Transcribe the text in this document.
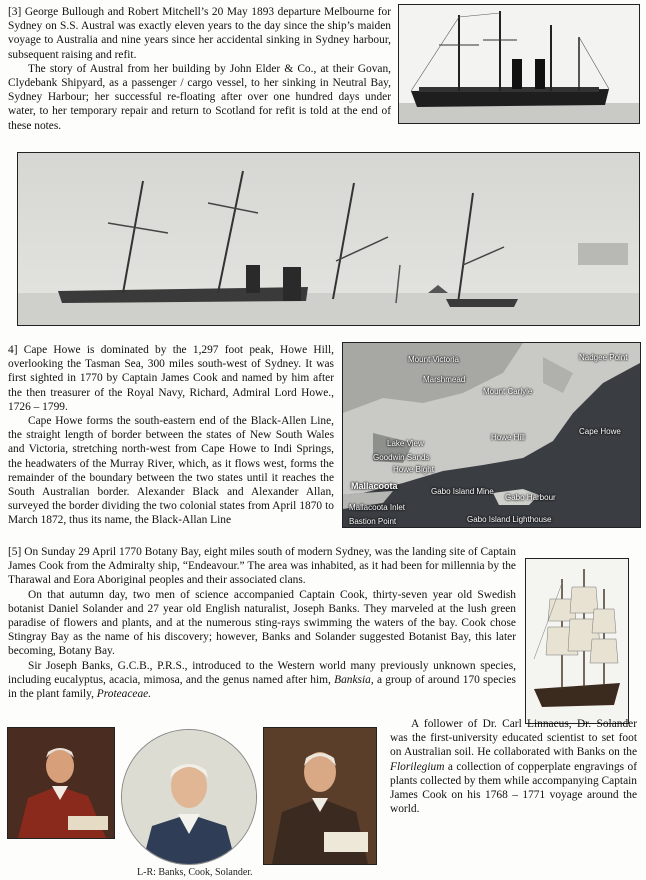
[3] George Bullough and Robert Mitchell’s 20 May 1893 departure Melbourne for Sydney on S.S. Austral was exactly eleven years to the day since the ship’s maiden voyage to Australia and nine years since her accidental sinking in Sydney harbour, subsequent raising and refit.

The story of Austral from her building by John Elder & Co., at their Govan, Clydebank Shipyard, as a passenger / cargo vessel, to her sinking in Neutral Bay, Sydney Harbour; her successful re-floating after over one hundred days under water, to her temporary repair and return to Scotland for refit is told at the end of these notes.

4] Cape Howe is dominated by the 1,297 foot peak, Howe Hill, overlooking the Tasman Sea, 300 miles south-west of Sydney. It was first sighted in 1770 by Captain James Cook and named by him after the then treasurer of the Royal Navy, Richard, Admiral Lord Howe., 1726 – 1799.

Cape Howe forms the south-eastern end of the Black-Allen Line, the straight length of border between the states of New South Wales and Victoria, stretching north-west from Cape Howe to Indi Springs, the headwaters of the Murray River, which, as it flows west, forms the remainder of the boundary between the two states until it reaches the South Australian border. Alexander Black and Alexander Allan, surveyed the border dividing the two colonial states from April 1870 to March 1872, thus its name, the Black-Allan Line

Mount Victoria	Nadgee Point
Marshmead
Mount Carlyle
Cape Howe
Howe Hill
Lake View
Goodwin Sands
Howe Bight
Mallacoota
Gabo Island Mine
Gabo Harbour
Mallacoota Inlet
Bastion Point	Gabo Island Lighthouse

[5] On Sunday 29 April 1770 Botany Bay, eight miles south of modern Sydney, was the landing site of Captain James Cook from the Admiralty ship, “Endeavour.” The area was inhabited, as it had been for millennia by the Tharawal and Eora Aboriginal peoples and their associated clans.

On that autumn day, two men of science accompanied Captain Cook, thirty-seven year old Swedish botanist Daniel Solander and 27 year old English naturalist, Joseph Banks. They marveled at the lush green paradise of flowers and plants, and at the numerous sting-rays swimming the waters of the bay. Cook chose Stingray Bay as the name of his discovery; however, Banks and Solander suggested Botanist Bay, this later becoming, Botany Bay.

Sir Joseph Banks, G.C.B., P.R.S., introduced to the Western world many previously unknown species, including eucalyptus, acacia, mimosa, and the genus named after him, Banksia, a group of around 170 species in the plant family, Proteaceae.

L-R: Banks, Cook, Solander.

A follower of Dr. Carl Linnaeus, Dr. Solander was the first-university educated scientist to set foot on Australian soil. He collaborated with Banks on the Florilegium a collection of copperplate engravings of plants collected by them while accompanying Captain James Cook on his 1768 – 1771 voyage around the world.
